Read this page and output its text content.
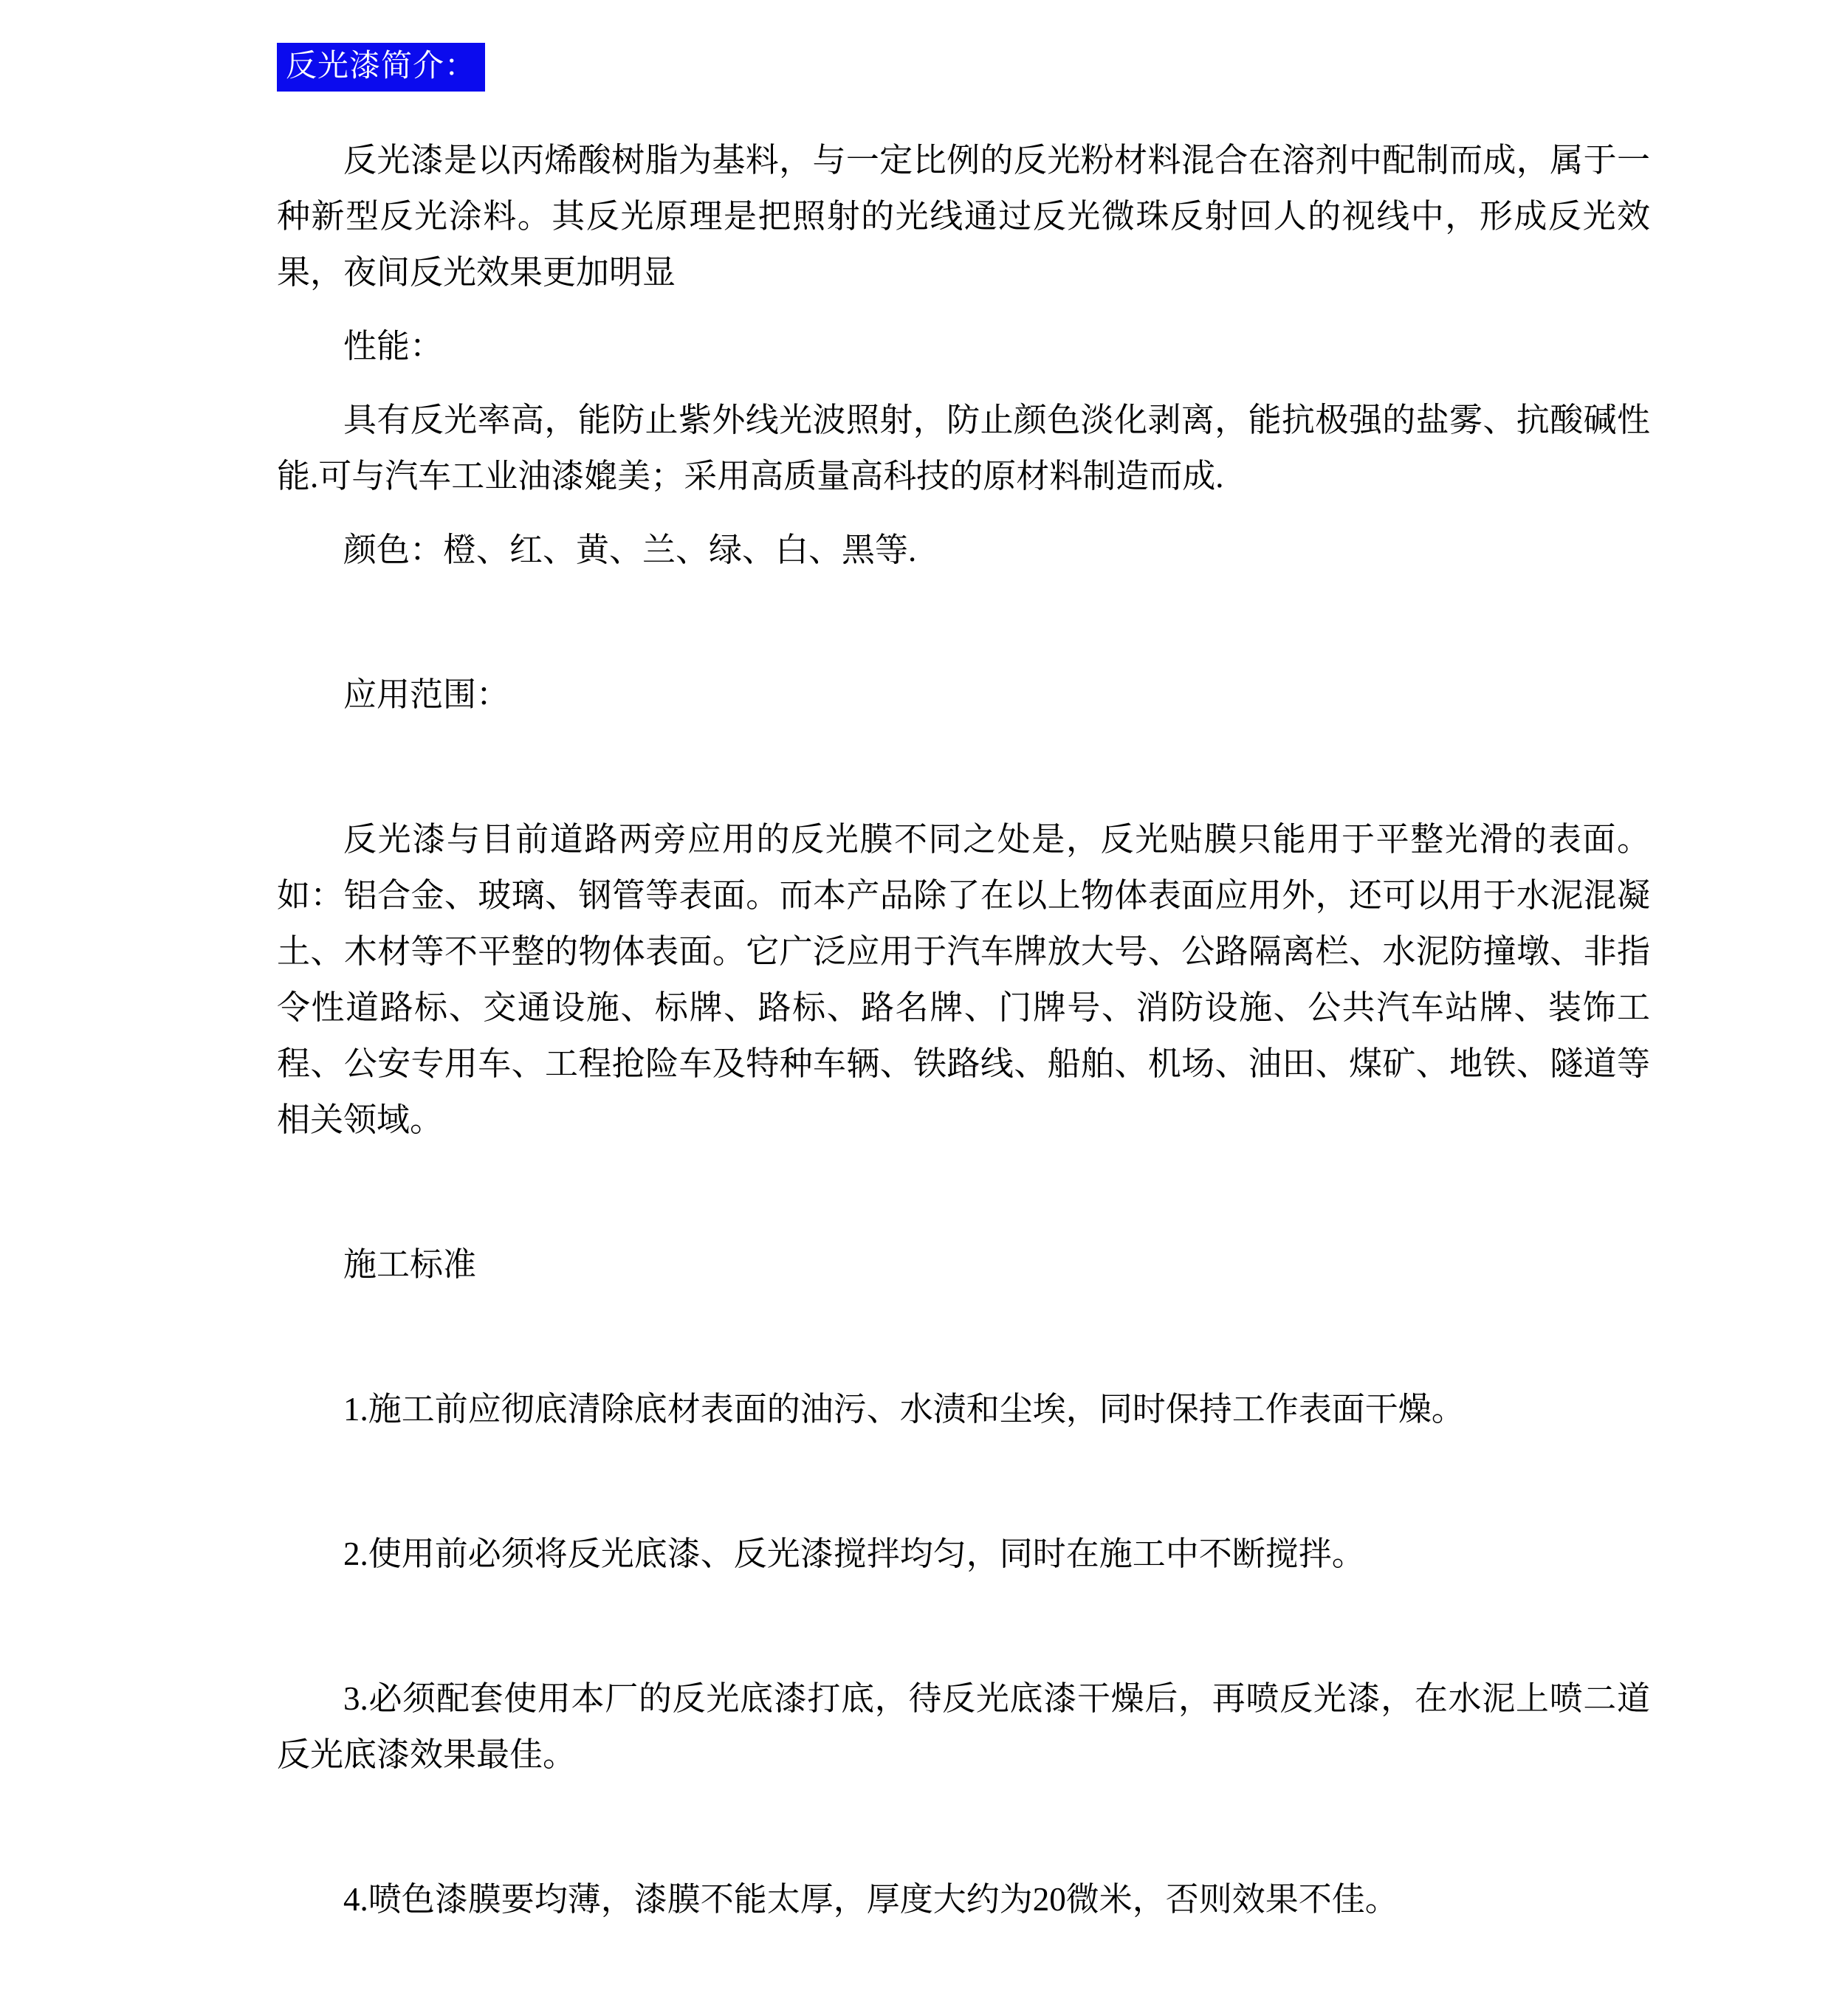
反光漆简介：

反光漆是以丙烯酸树脂为基料，与一定比例的反光粉材料混合在溶剂中配制而成，属于一种新型反光涂料。其反光原理是把照射的光线通过反光微珠反射回人的视线中，形成反光效果，夜间反光效果更加明显

性能：

具有反光率高，能防止紫外线光波照射，防止颜色淡化剥离，能抗极强的盐雾、抗酸碱性能.可与汽车工业油漆媲美；采用高质量高科技的原材料制造而成.

颜色：橙、红、黄、兰、绿、白、黑等.

应用范围：

反光漆与目前道路两旁应用的反光膜不同之处是，反光贴膜只能用于平整光滑的表面。如：铝合金、玻璃、钢管等表面。而本产品除了在以上物体表面应用外，还可以用于水泥混凝土、木材等不平整的物体表面。它广泛应用于汽车牌放大号、公路隔离栏、水泥防撞墩、非指令性道路标、交通设施、标牌、路标、路名牌、门牌号、消防设施、公共汽车站牌、装饰工程、公安专用车、工程抢险车及特种车辆、铁路线、船舶、机场、油田、煤矿、地铁、隧道等相关领域。

施工标准

1.施工前应彻底清除底材表面的油污、水渍和尘埃，同时保持工作表面干燥。

2.使用前必须将反光底漆、反光漆搅拌均匀，同时在施工中不断搅拌。

3.必须配套使用本厂的反光底漆打底，待反光底漆干燥后，再喷反光漆，在水泥上喷二道反光底漆效果最佳。

4.喷色漆膜要均薄，漆膜不能太厚，厚度大约为20微米，否则效果不佳。
